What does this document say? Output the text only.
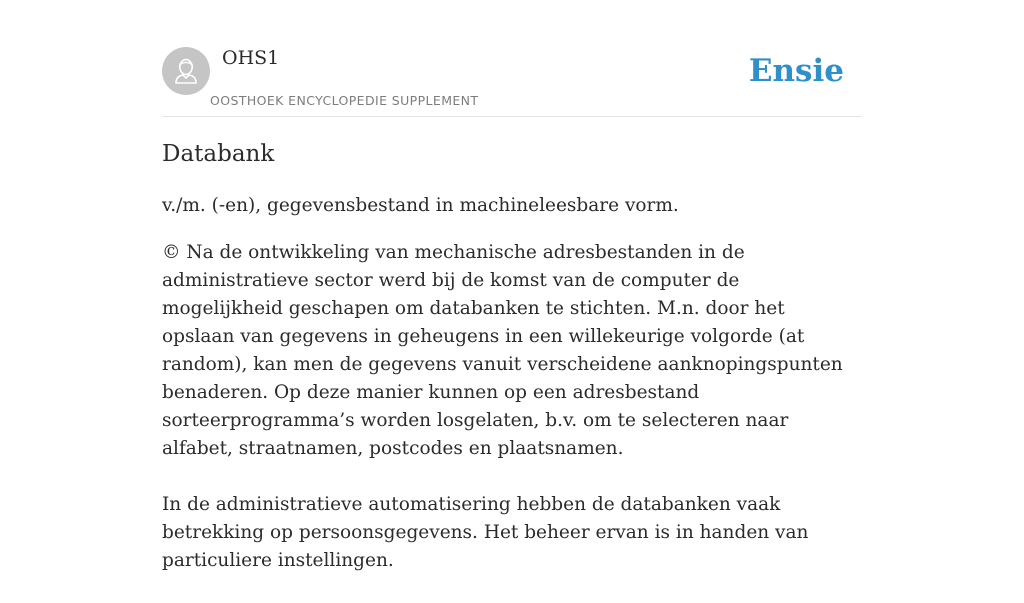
OHS1
OOSTHOEK ENCYCLOPEDIE SUPPLEMENT
Ensie
Databank

v./m. (-en), gegevensbestand in machineleesbare vorm.

© Na de ontwikkeling van mechanische adresbestanden in de administratieve sector werd bij de komst van de computer de mogelijkheid geschapen om databanken te stichten. M.n. door het opslaan van gegevens in geheugens in een willekeurige volgorde (at random), kan men de gegevens vanuit verscheidene aanknopingspunten benaderen. Op deze manier kunnen op een adresbestand sorteerprogramma’s worden losgelaten, b.v. om te selecteren naar alfabet, straatnamen, postcodes en plaatsnamen.

In de administratieve automatisering hebben de databanken vaak betrekking op persoonsgegevens. Het beheer ervan is in handen van particuliere instellingen.
